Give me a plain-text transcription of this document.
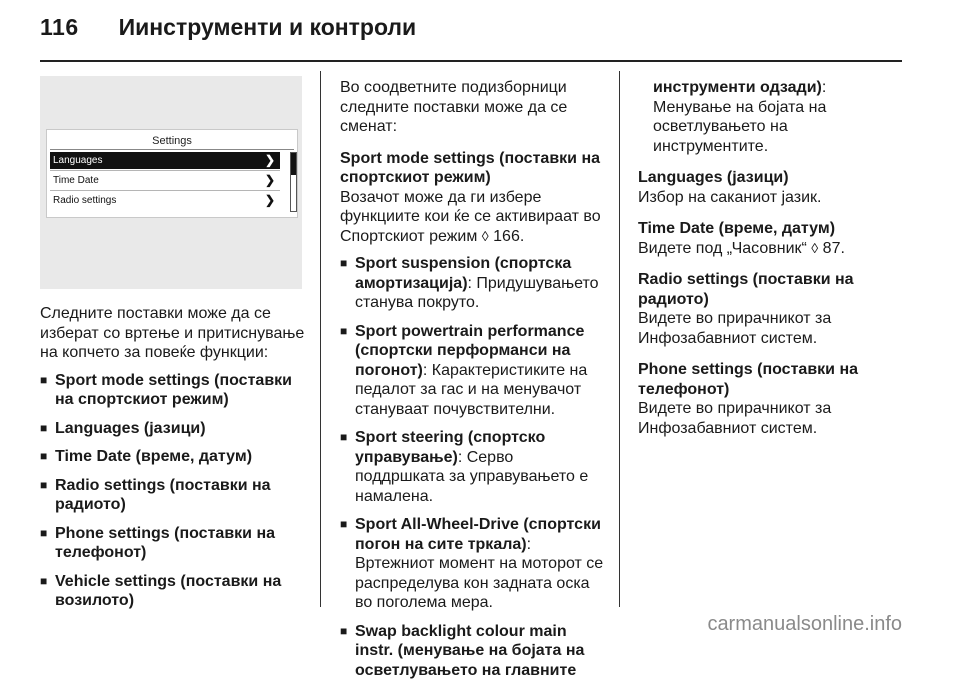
116 Иинструменти и контроли
Settings
Languages	❯
Time Date	❯
Radio settings	❯

Следните поставки може да се изберат со вртење и притиснување на копчето за повеќе функции:

■ Sport mode settings (поставки на спортскиот режим)
■ Languages (јазици)
■ Time Date (време, датум)
■ Radio settings (поставки на радиото)
■ Phone settings (поставки на телефонот)
■ Vehicle settings (поставки на возилото)

Во соодветните подизборници следните поставки може да се сменат:

Sport mode settings (поставки на спортскиот режим)

Возачот може да ги избере функциите кои ќе се активираат во Спортскиот режим ◊ 166.

■ Sport suspension (спортска амортизација): Придушувањето станува покруто.
■ Sport powertrain performance (спортски перформанси на погонот): Карактеристиките на педалот за гас и на менувачот стануваат почувствителни.
■ Sport steering (спортско управување): Серво поддршката за управувањето е намалена.
■ Sport All-Wheel-Drive (спортски погон на сите тркала): Вртежниот момент на моторот се распределува кон задната оска во поголема мера.
■ Swap backlight colour main instr. (менување на бојата на осветлувањето на главните

инструменти одзади): Менување на бојата на осветлувањето на инструментите.

Languages (јазици)

Избор на саканиот јазик.

Time Date (време, датум)

Видете под „Часовник“ ◊ 87.

Radio settings (поставки на радиото)

Видете во прирачникот за Инфозабавниот систем.

Phone settings (поставки на телефонот)

Видете во прирачникот за Инфозабавниот систем.

carmanualsonline.info
